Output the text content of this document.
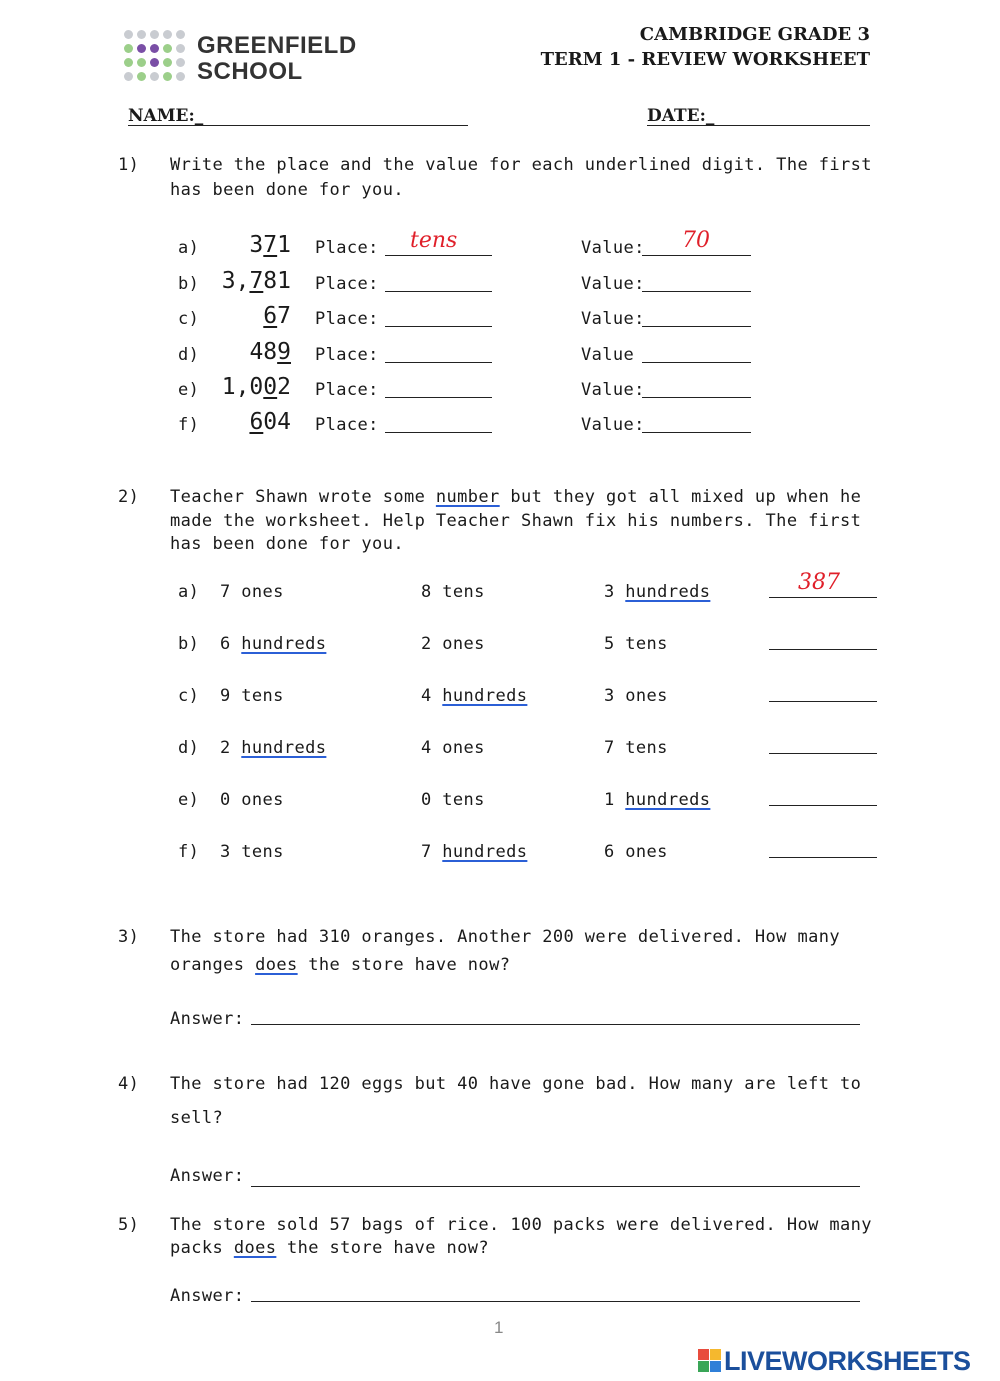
GREENFIELD
SCHOOL
CAMBRIDGE GRADE 3
TERM 1 - REVIEW WORKSHEET
NAME:_	DATE:_
1) Write the place and the value for each underlined digit. The first
has been done for you.
a)	371 Place: tens	Value: 70
b) 3,781 Place:	Value:
c)	67 Place:	Value:
d)	489 Place:	Value
e) 1,002 Place:	Value:
f)	604 Place:	Value:
2) Teacher Shawn wrote some number but they got all mixed up when he
made the worksheet. Help Teacher Shawn fix his numbers. The first
has been done for you.
a) 7 ones	8 tens	3 hundreds	387
b) 6 hundreds	2 ones	5 tens
c) 9 tens	4 hundreds	3 ones
d) 2 hundreds	4 ones	7 tens
e) 0 ones	0 tens	1 hundreds
f) 3 tens	7 hundreds	6 ones
3) The store had 310 oranges. Another 200 were delivered. How many
oranges does the store have now?
Answer:
4) The store had 120 eggs but 40 have gone bad. How many are left to
sell?
Answer:
5) The store sold 57 bags of rice. 100 packs were delivered. How many
packs does the store have now?
Answer:
1
LIVEWORKSHEETS
